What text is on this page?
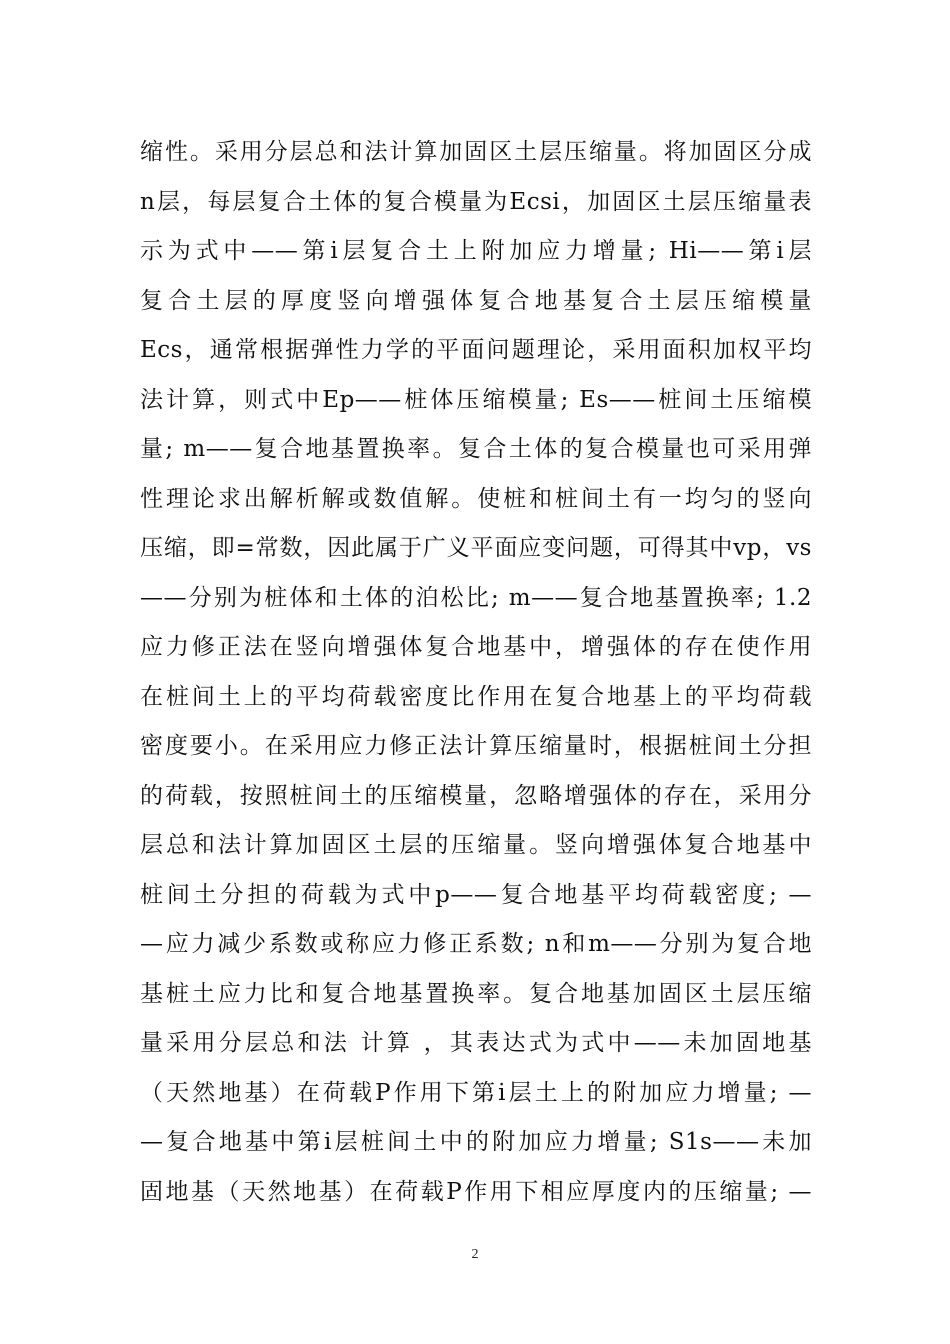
缩性。采用分层总和法计算加固区土层压缩量。将加固区分成
n层，每层复合土体的复合模量为Ecsi，加固区土层压缩量表
示为式中——第i层复合土上附加应力增量; Hi——第i层
复合土层的厚度竖向增强体复合地基复合土层压缩模量
Ecs，通常根据弹性力学的平面问题理论，采用面积加权平均
法计算，则式中Ep——桩体压缩模量; Es——桩间土压缩模
量; m——复合地基置换率。复合土体的复合模量也可采用弹
性理论求出解析解或数值解。使桩和桩间土有一均匀的竖向
压缩，即=常数，因此属于广义平面应变问题，可得其中vp，vs
——分别为桩体和土体的泊松比; m——复合地基置换率; 1.2
应力修正法在竖向增强体复合地基中，增强体的存在使作用
在桩间土上的平均荷载密度比作用在复合地基上的平均荷载
密度要小。在采用应力修正法计算压缩量时，根据桩间土分担
的荷载，按照桩间土的压缩模量，忽略增强体的存在，采用分
层总和法计算加固区土层的压缩量。竖向增强体复合地基中
桩间土分担的荷载为式中p——复合地基平均荷载密度; —
—应力减少系数或称应力修正系数; n和m——分别为复合地
基桩土应力比和复合地基置换率。复合地基加固区土层压缩
量采用分层总和法 计算 ，其表达式为式中——未加固地基
（天然地基）在荷载P作用下第i层土上的附加应力增量; —
—复合地基中第i层桩间土中的附加应力增量; S1s——未加
固地基（天然地基）在荷载P作用下相应厚度内的压缩量; —
2
